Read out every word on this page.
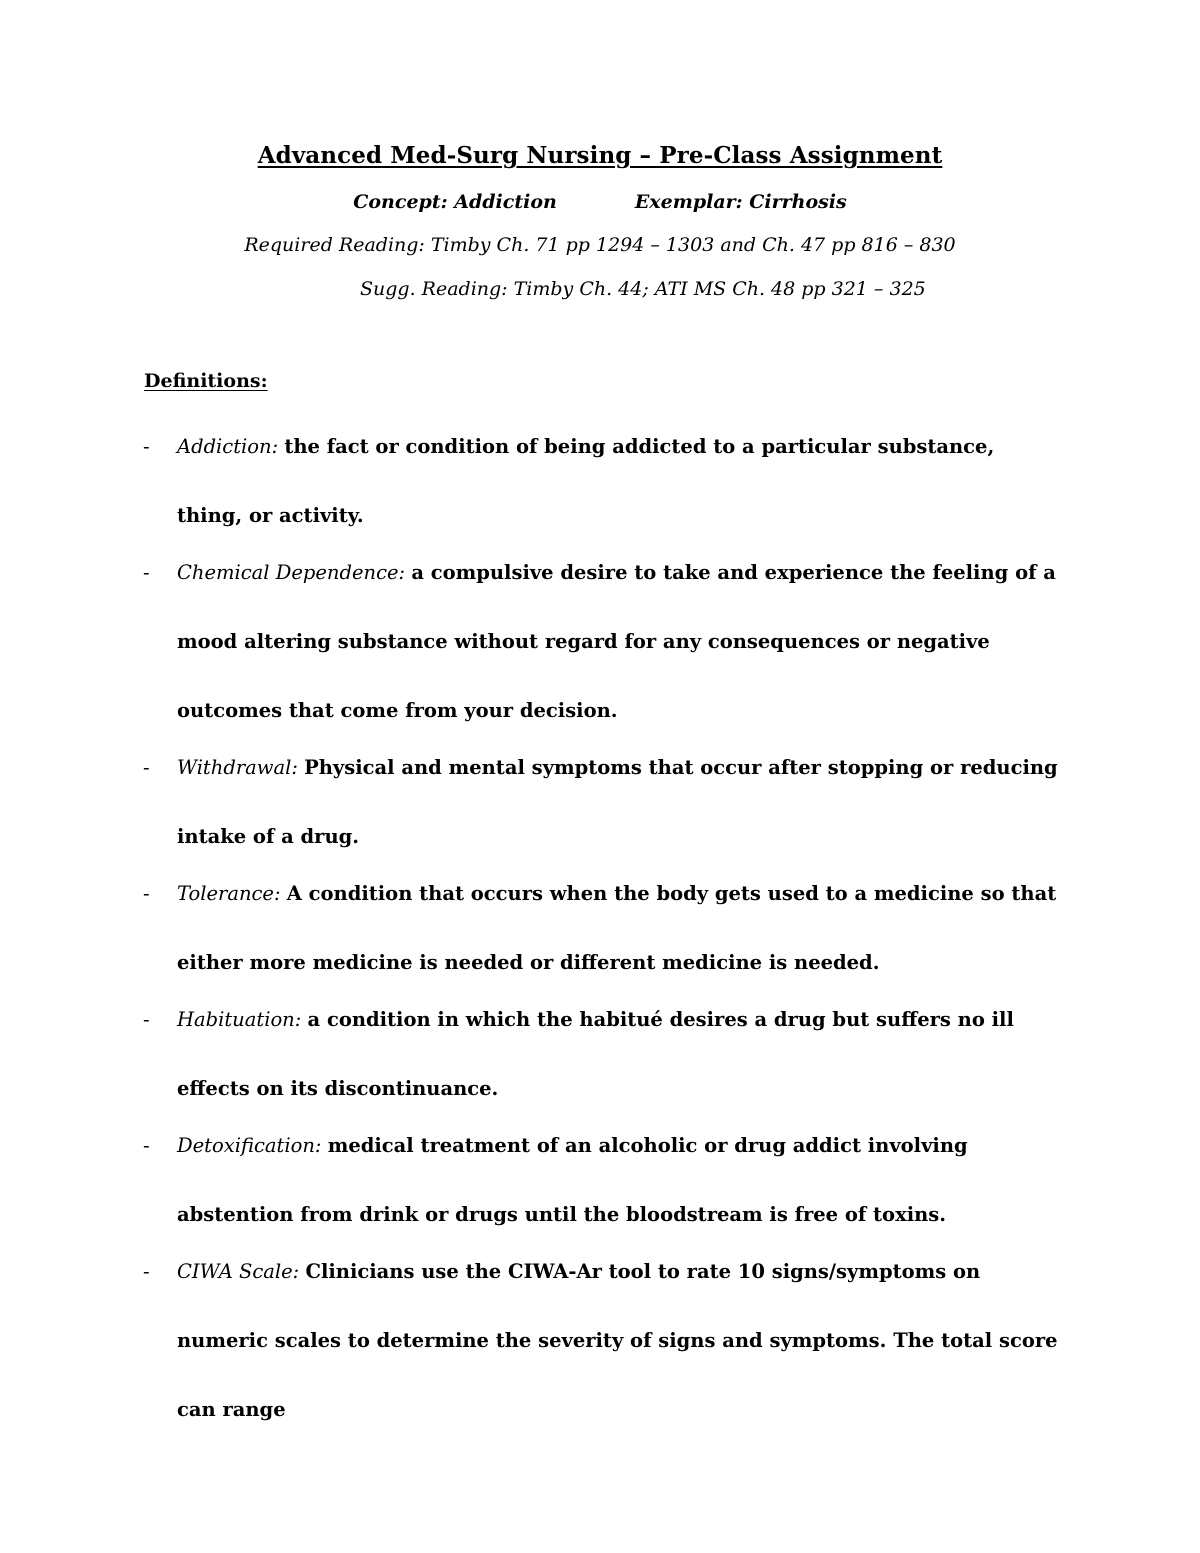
Advanced Med-Surg Nursing – Pre-Class Assignment
Concept: Addiction	Exemplar: Cirrhosis
Required Reading: Timby Ch. 71 pp 1294 – 1303 and Ch. 47 pp 816 – 830
Sugg. Reading: Timby Ch. 44; ATI MS Ch. 48 pp 321 – 325
Definitions:
- Addiction: the fact or condition of being addicted to a particular substance, thing, or activity.
- Chemical Dependence: a compulsive desire to take and experience the feeling of a mood altering substance without regard for any consequences or negative outcomes that come from your decision.
- Withdrawal: Physical and mental symptoms that occur after stopping or reducing intake of a drug.
- Tolerance: A condition that occurs when the body gets used to a medicine so that either more medicine is needed or different medicine is needed.
- Habituation: a condition in which the habitué desires a drug but suffers no ill effects on its discontinuance.
- Detoxification: medical treatment of an alcoholic or drug addict involving abstention from drink or drugs until the bloodstream is free of toxins.
- CIWA Scale: Clinicians use the CIWA-Ar tool to rate 10 signs/symptoms on numeric scales to determine the severity of signs and symptoms. The total score can range
